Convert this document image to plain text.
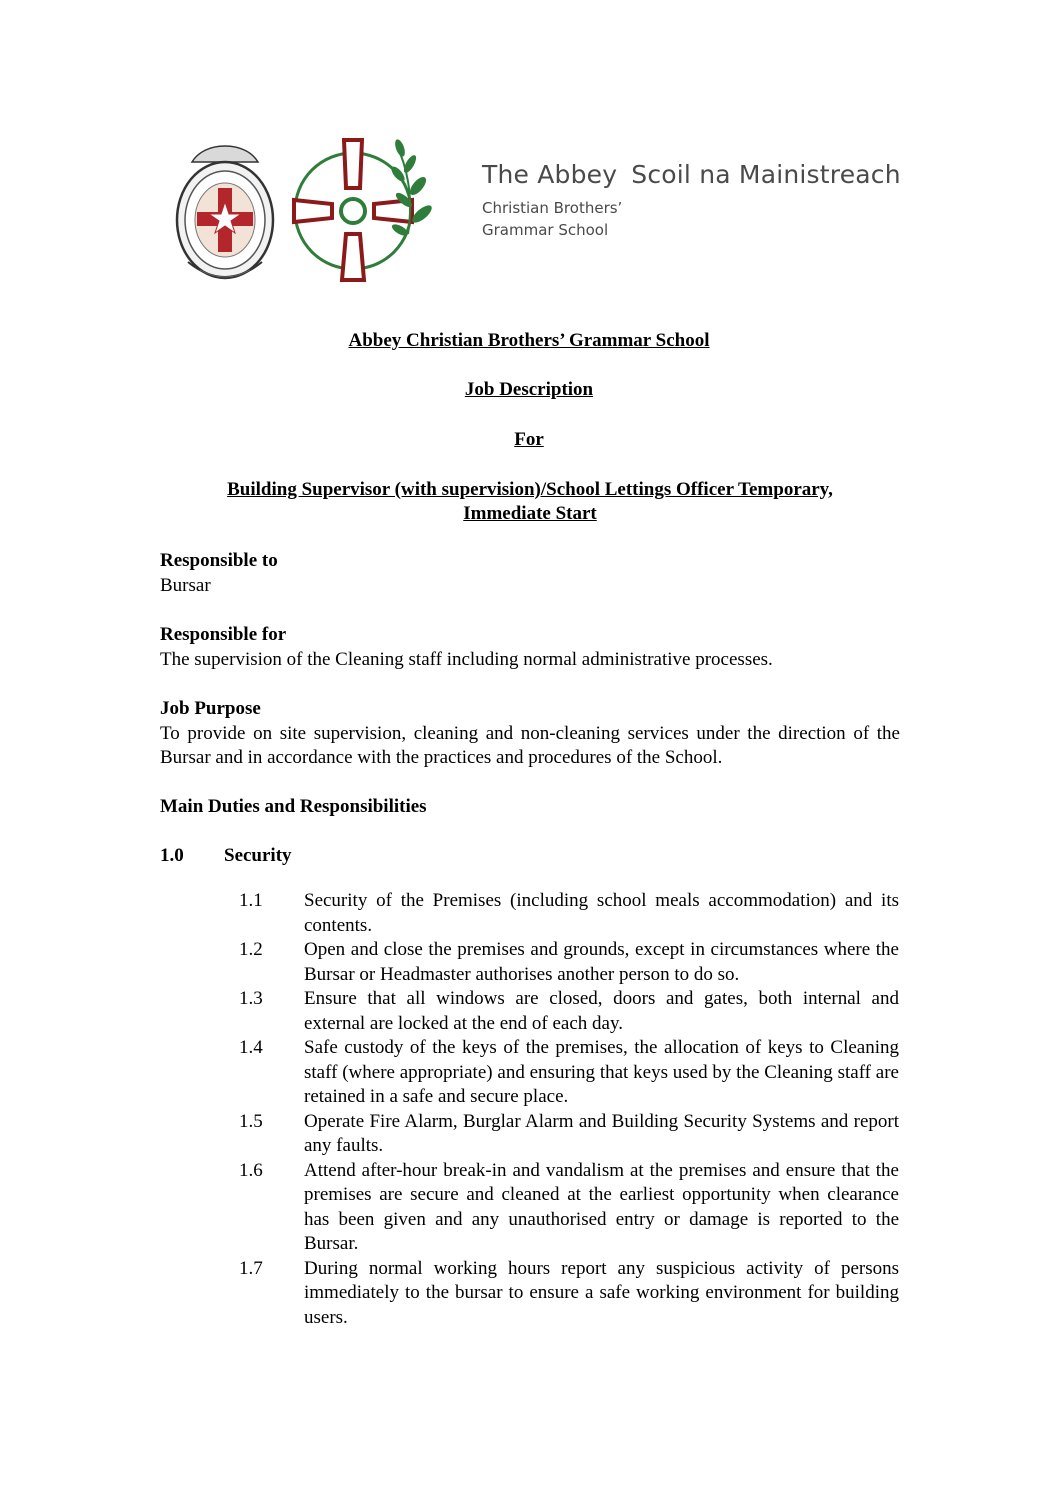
The Abbey Scoil na Mainistreach
Christian Brothers’
Grammar School
Abbey Christian Brothers’ Grammar School
Job Description
For
Building Supervisor (with supervision)/School Lettings Officer Temporary,
Immediate Start
Responsible to
Bursar
Responsible for
The supervision of the Cleaning staff including normal administrative processes.
Job Purpose
To provide on site supervision, cleaning and non-cleaning services under the direction of the Bursar and in accordance with the practices and procedures of the School.
Main Duties and Responsibilities
1.0 Security
1.1	Security of the Premises (including school meals accommodation) and its contents.
1.2	Open and close the premises and grounds, except in circumstances where the Bursar or Headmaster authorises another person to do so.
1.3	Ensure that all windows are closed, doors and gates, both internal and external are locked at the end of each day.
1.4	Safe custody of the keys of the premises, the allocation of keys to Cleaning staff (where appropriate) and ensuring that keys used by the Cleaning staff are retained in a safe and secure place.
1.5	Operate Fire Alarm, Burglar Alarm and Building Security Systems and report any faults.
1.6	Attend after-hour break-in and vandalism at the premises and ensure that the premises are secure and cleaned at the earliest opportunity when clearance has been given and any unauthorised entry or damage is reported to the Bursar.
1.7	During normal working hours report any suspicious activity of persons immediately to the bursar to ensure a safe working environment for building users.
